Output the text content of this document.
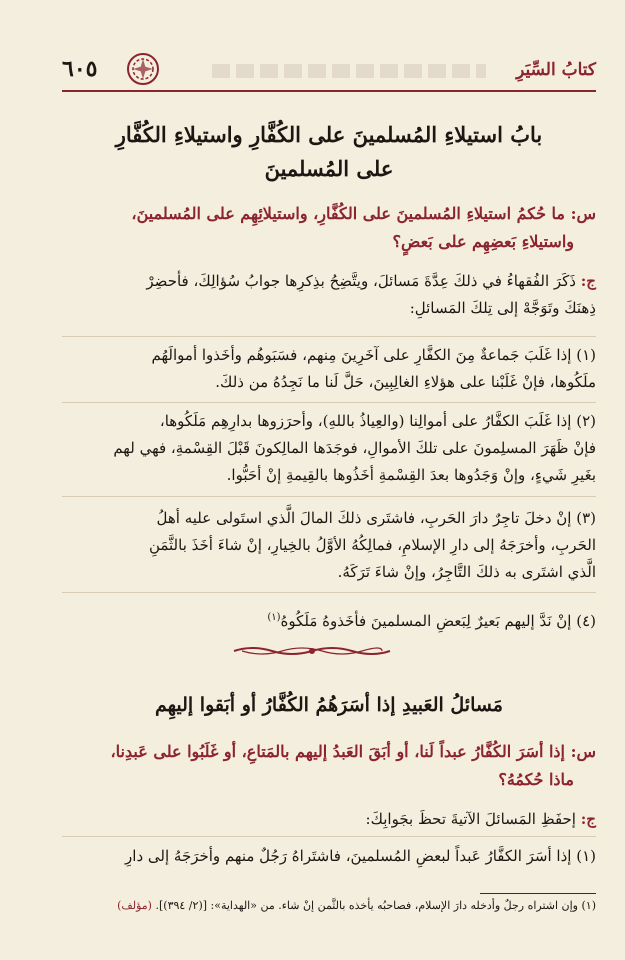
٦٠٥	كتابُ السِّيَرِ

بابُ استيلاءِ المُسلمينَ على الكُفَّارِ واستيلاءِ الكُفَّارِ

على المُسلمينَ

س: ما حُكمُ استيلاءِ المُسلمينَ على الكُفَّارِ، واستيلائِهِم على المُسلمينَ،
واستيلاءِ بَعضِهِم على بَعضٍ؟

ج: ذَكَرَ الفُقهاءُ في ذلكَ عِدَّةَ مَسائلَ، ويتَّضِحُ بذِكرِها جوابُ سُؤالِكَ، فأحضِرْ

ذِهنَكَ وتَوَجَّهْ إلى تِلكَ المَسائلِ:

(١) إذا غَلَبَ جَماعةٌ مِنَ الكفَّارِ على آخَرِينَ مِنهم، فسَبَوهُم وأخَذوا أموالَهُم

ملَكُوها، فإنْ غَلَبْنا على هؤلاءِ الغالِبِينَ، حَلَّ لَنا ما نَجِدُهُ من ذلكَ.

(٢) إذا غَلَبَ الكفَّارُ على أموالِنا (والعِياذُ باللهِ)، وأحرَزوها بدارِهِم مَلَكُوها،

فإنْ ظَهَرَ المسلِمونَ على تلكَ الأموالِ، فوجَدَها المالِكونَ قَبْلَ القِسْمةِ، فهي لهم

بغَيرِ شَيءٍ، وإنْ وَجَدُوها بعدَ القِسْمةِ أخَذُوها بالقِيمةِ إنْ أحَبُّوا.

(٣) إنْ دخلَ تاجِرٌ دارَ الحَربِ، فاشتَرى ذلكَ المالَ الَّذي استَولى عليه أهلُ

الحَربِ، وأخرَجَهُ إلى دارِ الإسلامِ، فمالِكُهُ الأوَّلُ بالخِيارِ، إنْ شاءَ أخَذَ بالثَّمَنِ

الَّذي اشتَرى به ذلكَ التَّاجِرُ، وإنْ شاءَ تَرَكَهُ.

(٤) إنْ نَدَّ إليهم بَعيرٌ لِبَعضِ المسلمينَ فأخَذوهُ مَلَكُوهُ$^{(١)}$

مَسائلُ العَبيدِ إذا أسَرَهُمُ الكُفَّارُ أو أبَقوا إليهِم

س: إذا أسَرَ الكُفَّارُ عبداً لَنا، أو أبَقَ العَبدُ إليهم بالمَتاعِ، أو غَلَبُوا على عَبدِنا،
ماذا حُكمُهُ؟

ج: إحفَظِ المَسائلَ الآتيةَ تحظَ بجَوابِكَ:

(١) إذا أسَرَ الكفَّارُ عَبداً لبعضِ المُسلمينَ، فاشتَراهُ رَجُلٌ منهم وأخرَجَهُ إلى دارِ

(١) وإن اشتراه رجلٌ وأدخله دارَ الإسلام، فصاحبُه يأخذه بالثَّمن إنْ شاء. من «الهداية»: [(٢/ ٣٩٤)]. (مؤلف)
